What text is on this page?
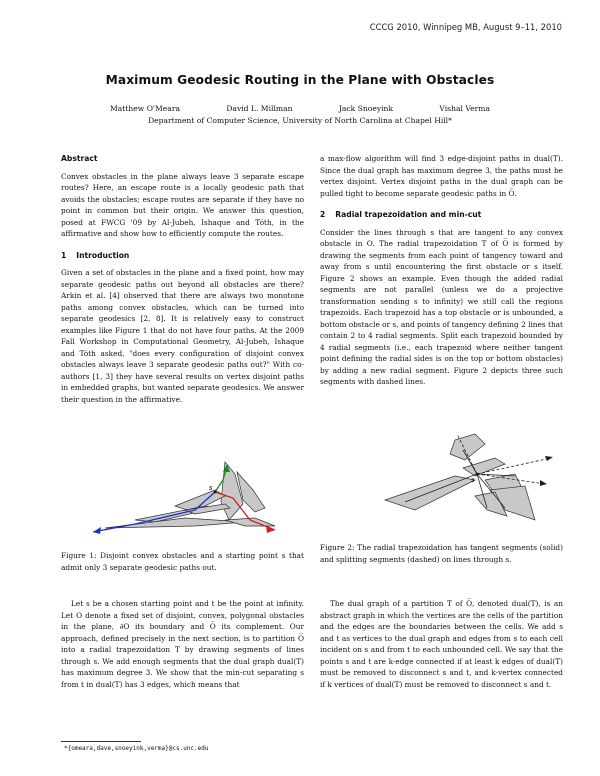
CCCG 2010, Winnipeg MB, August 9–11, 2010
Maximum Geodesic Routing in the Plane with Obstacles
Matthew O'Meara	David L. Millman	Jack Snoeyink	Vishal Verma
Department of Computer Science, University of North Carolina at Chapel Hill*
Abstract

Convex obstacles in the plane always leave 3 separate escape routes? Here, an escape route is a locally geodesic path that avoids the obstacles; escape routes are separate if they have no point in common but their origin. We answer this question, posed at FWCG '09 by Al-Jubeh, Ishaque and Tóth, in the affirmative and show how to efficiently compute the routes.

1 Introduction

Given a set of obstacles in the plane and a fixed point, how may separate geodesic paths out beyond all obstacles are there? Arkin et al. [4] observed that there are always two monotone paths among convex obstacles, which can be turned into separate geodesics [2, 8]. It is relatively easy to construct examples like Figure 1 that do not have four paths. At the 2009 Fall Workshop in Computational Geometry, Al-Jubeh, Ishaque and Tóth asked, "does every configuration of disjoint convex obstacles always leave 3 separate geodesic paths out?" With co-authors [1, 3] they have several results on vertex disjoint paths in embedded graphs, but wanted separate geodesics. We answer their question in the affirmative.

s
Figure 1: Disjoint convex obstacles and a starting point s that admit only 3 separate geodesic paths out.

Let s be a chosen starting point and t be the point at infinity. Let O denote a fixed set of disjoint, convex, polygonal obstacles in the plane, ∂O its boundary and O̅ its complement. Our approach, defined precisely in the next section, is to partition O̅ into a radial trapezoidation T by drawing segments of lines through s. We add enough segments that the dual graph dual(T) has maximum degree 3. We show that the min-cut separating s from t in dual(T) has 3 edges, which means that

*{omeara,dave,snoeyink,verma}@cs.unc.edu

a max-flow algorithm will find 3 edge-disjoint paths in dual(T). Since the dual graph has maximum degree 3, the paths must be vertex disjoint. Vertex disjoint paths in the dual graph can be pulled tight to become separate geodesic paths in O̅.

2 Radial trapezoidation and min-cut

Consider the lines through s that are tangent to any convex obstacle in O. The radial trapezoidation T of O̅ is formed by drawing the segments from each point of tangency toward and away from s until encountering the first obstacle or s itself. Figure 2 shows an example. Even though the added radial segments are not parallel (unless we do a projective transformation sending s to infinity) we still call the regions trapezoids. Each trapezoid has a top obstacle or is unbounded, a bottom obstacle or s, and points of tangency defining 2 lines that contain 2 to 4 radial segments. Split each trapezoid bounded by 4 radial segments (i.e., each trapezoid where neither tangent point defining the radial sides is on the top or bottom obstacles) by adding a new radial segment. Figure 2 depicts three such segments with dashed lines.

s
Figure 2: The radial trapezoidation has tangent segments (solid) and splitting segments (dashed) on lines through s.

The dual graph of a partition T of O̅, denoted dual(T), is an abstract graph in which the vertices are the cells of the partition and the edges are the boundaries between the cells. We add s and t as vertices to the dual graph and edges from s to each cell incident on s and from t to each unbounded cell. We say that the points s and t are k-edge connected if at least k edges of dual(T) must be removed to disconnect s and t, and k-vertex connected if k vertices of dual(T) must be removed to disconnect s and t.
